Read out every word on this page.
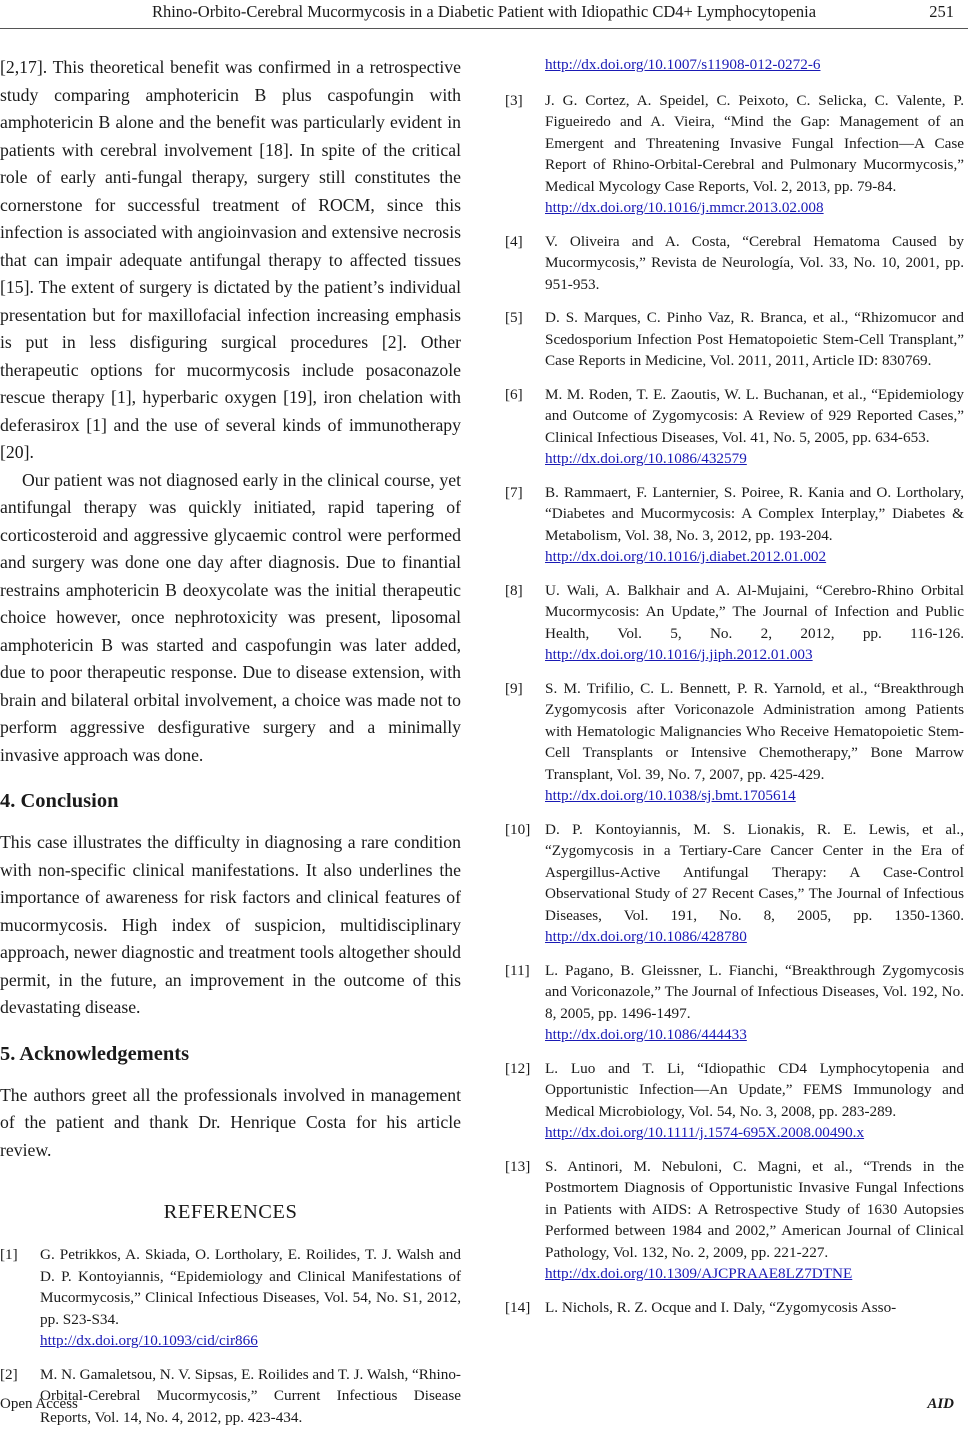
Rhino-Orbito-Cerebral Mucormycosis in a Diabetic Patient with Idiopathic CD4+ Lymphocytopenia	251

[2,17]. This theoretical benefit was confirmed in a retrospective study comparing amphotericin B plus caspofungin with amphotericin B alone and the benefit was particularly evident in patients with cerebral involvement [18]. In spite of the critical role of early anti-fungal therapy, surgery still constitutes the cornerstone for successful treatment of ROCM, since this infection is associated with angioinvasion and extensive necrosis that can impair adequate antifungal therapy to affected tissues [15]. The extent of surgery is dictated by the patient’s individual presentation but for maxillofacial infection increasing emphasis is put in less disfiguring surgical procedures [2]. Other therapeutic options for mucormycosis include posaconazole rescue therapy [1], hyperbaric oxygen [19], iron chelation with deferasirox [1] and the use of several kinds of immunotherapy [20].

Our patient was not diagnosed early in the clinical course, yet antifungal therapy was quickly initiated, rapid tapering of corticosteroid and aggressive glycaemic control were performed and surgery was done one day after diagnosis. Due to finantial restrains amphotericin B deoxycolate was the initial therapeutic choice however, once nephrotoxicity was present, liposomal amphotericin B was started and caspofungin was later added, due to poor therapeutic response. Due to disease extension, with brain and bilateral orbital involvement, a choice was made not to perform aggressive desfigurative surgery and a minimally invasive approach was done.

4. Conclusion

This case illustrates the difficulty in diagnosing a rare condition with non-specific clinical manifestations. It also underlines the importance of awareness for risk factors and clinical features of mucormycosis. High index of suspicion, multidisciplinary approach, newer diagnostic and treatment tools altogether should permit, in the future, an improvement in the outcome of this devastating disease.

5. Acknowledgements

The authors greet all the professionals involved in management of the patient and thank Dr. Henrique Costa for his article review.

REFERENCES
[1] G. Petrikkos, A. Skiada, O. Lortholary, E. Roilides, T. J. Walsh and D. P. Kontoyiannis, “Epidemiology and Clinical Manifestations of Mucormycosis,” Clinical Infectious Diseases, Vol. 54, No. S1, 2012, pp. S23-S34.
http://dx.doi.org/10.1093/cid/cir866
[2] M. N. Gamaletsou, N. V. Sipsas, E. Roilides and T. J. Walsh, “Rhino-Orbital-Cerebral Mucormycosis,” Current Infectious Disease Reports, Vol. 14, No. 4, 2012, pp. 423-434.
http://dx.doi.org/10.1007/s11908-012-0272-6
[3] J. G. Cortez, A. Speidel, C. Peixoto, C. Selicka, C. Valente, P. Figueiredo and A. Vieira, “Mind the Gap: Management of an Emergent and Threatening Invasive Fungal Infection—A Case Report of Rhino-Orbital-Cerebral and Pulmonary Mucormycosis,” Medical Mycology Case Reports, Vol. 2, 2013, pp. 79-84.
http://dx.doi.org/10.1016/j.mmcr.2013.02.008
[4] V. Oliveira and A. Costa, “Cerebral Hematoma Caused by Mucormycosis,” Revista de Neurología, Vol. 33, No. 10, 2001, pp. 951-953.
[5] D. S. Marques, C. Pinho Vaz, R. Branca, et al., “Rhizomucor and Scedosporium Infection Post Hematopoietic Stem-Cell Transplant,” Case Reports in Medicine, Vol. 2011, 2011, Article ID: 830769.
[6] M. M. Roden, T. E. Zaoutis, W. L. Buchanan, et al., “Epidemiology and Outcome of Zygomycosis: A Review of 929 Reported Cases,” Clinical Infectious Diseases, Vol. 41, No. 5, 2005, pp. 634-653.
http://dx.doi.org/10.1086/432579
[7] B. Rammaert, F. Lanternier, S. Poiree, R. Kania and O. Lortholary, “Diabetes and Mucormycosis: A Complex Interplay,” Diabetes & Metabolism, Vol. 38, No. 3, 2012, pp. 193-204.
http://dx.doi.org/10.1016/j.diabet.2012.01.002
[8] U. Wali, A. Balkhair and A. Al-Mujaini, “Cerebro-Rhino Orbital Mucormycosis: An Update,” The Journal of Infection and Public Health, Vol. 5, No. 2, 2012, pp. 116-126. http://dx.doi.org/10.1016/j.jiph.2012.01.003
[9] S. M. Trifilio, C. L. Bennett, P. R. Yarnold, et al., “Breakthrough Zygomycosis after Voriconazole Administration among Patients with Hematologic Malignancies Who Receive Hematopoietic Stem-Cell Transplants or Intensive Chemotherapy,” Bone Marrow Transplant, Vol. 39, No. 7, 2007, pp. 425-429.
http://dx.doi.org/10.1038/sj.bmt.1705614
[10] D. P. Kontoyiannis, M. S. Lionakis, R. E. Lewis, et al., “Zygomycosis in a Tertiary-Care Cancer Center in the Era of Aspergillus-Active Antifungal Therapy: A Case-Control Observational Study of 27 Recent Cases,” The Journal of Infectious Diseases, Vol. 191, No. 8, 2005, pp. 1350-1360. http://dx.doi.org/10.1086/428780
[11] L. Pagano, B. Gleissner, L. Fianchi, “Breakthrough Zygomycosis and Voriconazole,” The Journal of Infectious Diseases, Vol. 192, No. 8, 2005, pp. 1496-1497.
http://dx.doi.org/10.1086/444433
[12] L. Luo and T. Li, “Idiopathic CD4 Lymphocytopenia and Opportunistic Infection—An Update,” FEMS Immunology and Medical Microbiology, Vol. 54, No. 3, 2008, pp. 283-289.
http://dx.doi.org/10.1111/j.1574-695X.2008.00490.x
[13] S. Antinori, M. Nebuloni, C. Magni, et al., “Trends in the Postmortem Diagnosis of Opportunistic Invasive Fungal Infections in Patients with AIDS: A Retrospective Study of 1630 Autopsies Performed between 1984 and 2002,” American Journal of Clinical Pathology, Vol. 132, No. 2, 2009, pp. 221-227.
http://dx.doi.org/10.1309/AJCPRAAE8LZ7DTNE
[14] L. Nichols, R. Z. Ocque and I. Daly, “Zygomycosis Asso-
Open Access	AID
